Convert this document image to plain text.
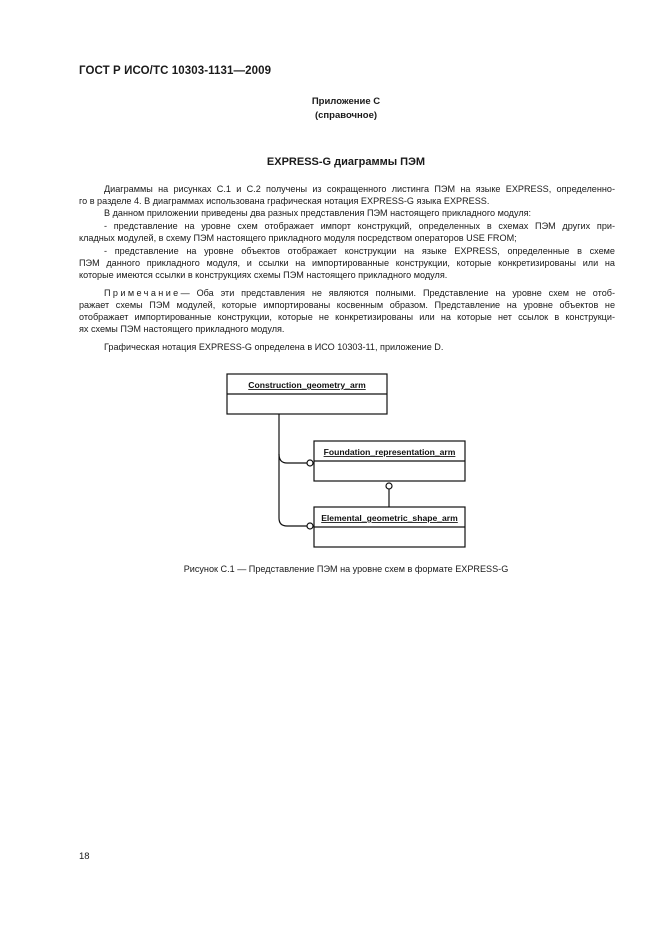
ГОСТ Р ИСО/ТС 10303-1131—2009
Приложение C
(справочное)
EXPRESS-G диаграммы ПЭМ
Диаграммы на рисунках C.1 и C.2 получены из сокращенного листинга ПЭМ на языке EXPRESS, определенно-
го в разделе 4. В диаграммах использована графическая нотация EXPRESS-G языка EXPRESS.
В данном приложении приведены два разных представления ПЭМ настоящего прикладного модуля:
- представление на уровне схем отображает импорт конструкций, определенных в схемах ПЭМ других при-
кладных модулей, в схему ПЭМ настоящего прикладного модуля посредством операторов USE FROM;
- представление на уровне объектов отображает конструкции на языке EXPRESS, определенные в схеме
ПЭМ данного прикладного модуля, и ссылки на импортированные конструкции, которые конкретизированы или на
которые имеются ссылки в конструкциях схемы ПЭМ настоящего прикладного модуля.
Примечание — Оба эти представления не являются полными. Представление на уровне схем не отоб-
ражает схемы ПЭМ модулей, которые импортированы косвенным образом. Представление на уровне объектов не
отображает импортированные конструкции, которые не конкретизированы или на которые нет ссылок в конструкци-
ях схемы ПЭМ настоящего прикладного модуля.
Графическая нотация EXPRESS-G определена в ИСО 10303-11, приложение D.
Construction_geometry_arm
Foundation_representation_arm
Elemental_geometric_shape_arm
Рисунок C.1 — Представление ПЭМ на уровне схем в формате EXPRESS-G
18
